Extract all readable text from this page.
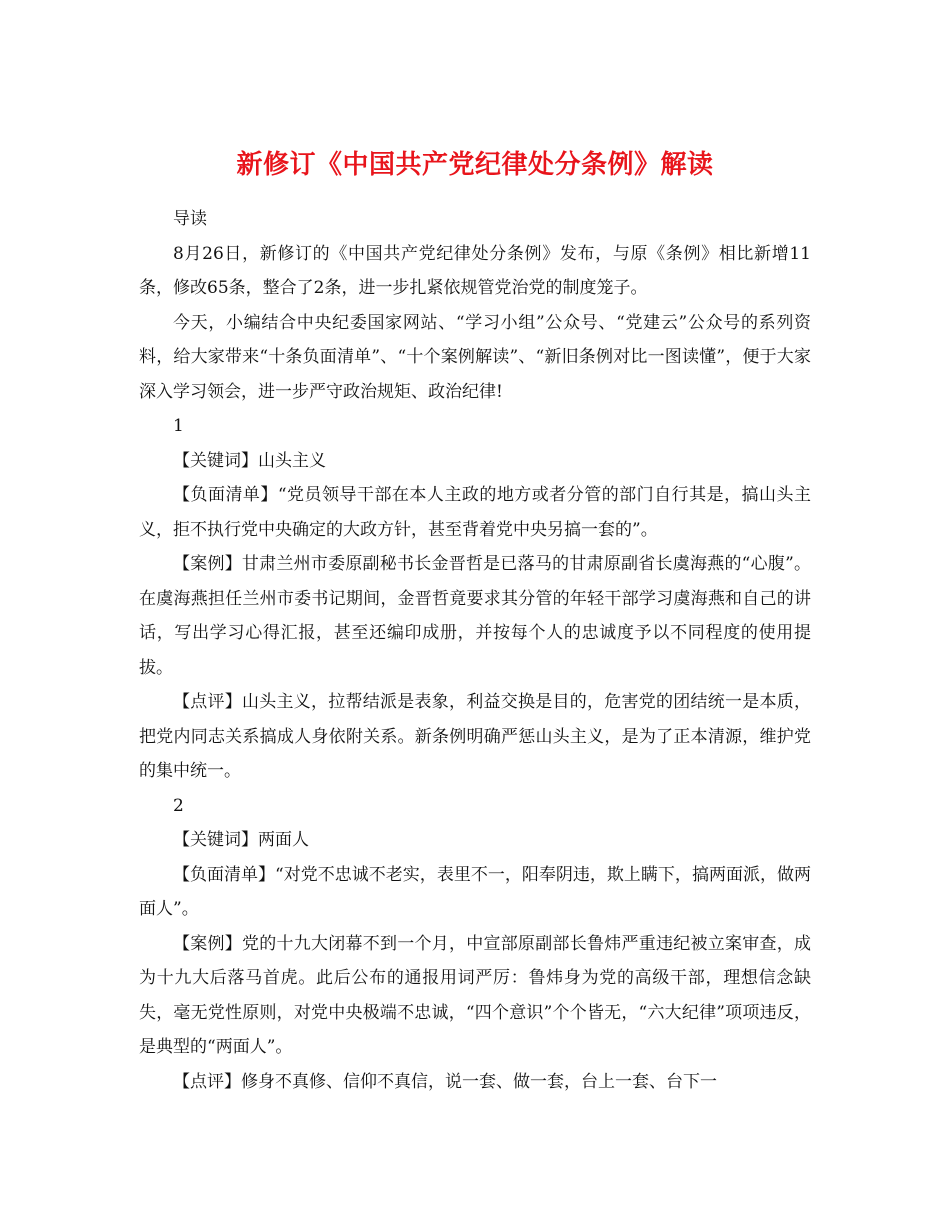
新修订《中国共产党纪律处分条例》解读

导读

8月26日，新修订的《中国共产党纪律处分条例》发布，与原《条例》相比新增11条，修改65条，整合了2条，进一步扎紧依规管党治党的制度笼子。

今天，小编结合中央纪委国家网站、“学习小组”公众号、“党建云”公众号的系列资料，给大家带来“十条负面清单”、“十个案例解读”、“新旧条例对比一图读懂”，便于大家深入学习领会，进一步严守政治规矩、政治纪律!

1

【关键词】山头主义

【负面清单】“党员领导干部在本人主政的地方或者分管的部门自行其是，搞山头主义，拒不执行党中央确定的大政方针，甚至背着党中央另搞一套的”。

【案例】甘肃兰州市委原副秘书长金晋哲是已落马的甘肃原副省长虞海燕的“心腹”。在虞海燕担任兰州市委书记期间，金晋哲竟要求其分管的年轻干部学习虞海燕和自己的讲话，写出学习心得汇报，甚至还编印成册，并按每个人的忠诚度予以不同程度的使用提拔。

【点评】山头主义，拉帮结派是表象，利益交换是目的，危害党的团结统一是本质，把党内同志关系搞成人身依附关系。新条例明确严惩山头主义，是为了正本清源，维护党的集中统一。

2

【关键词】两面人

【负面清单】“对党不忠诚不老实，表里不一，阳奉阴违，欺上瞒下，搞两面派，做两面人”。

【案例】党的十九大闭幕不到一个月，中宣部原副部长鲁炜严重违纪被立案审查，成为十九大后落马首虎。此后公布的通报用词严厉：鲁炜身为党的高级干部，理想信念缺失，毫无党性原则，对党中央极端不忠诚，“四个意识”个个皆无，“六大纪律”项项违反，是典型的“两面人”。

【点评】修身不真修、信仰不真信，说一套、做一套，台上一套、台下一
